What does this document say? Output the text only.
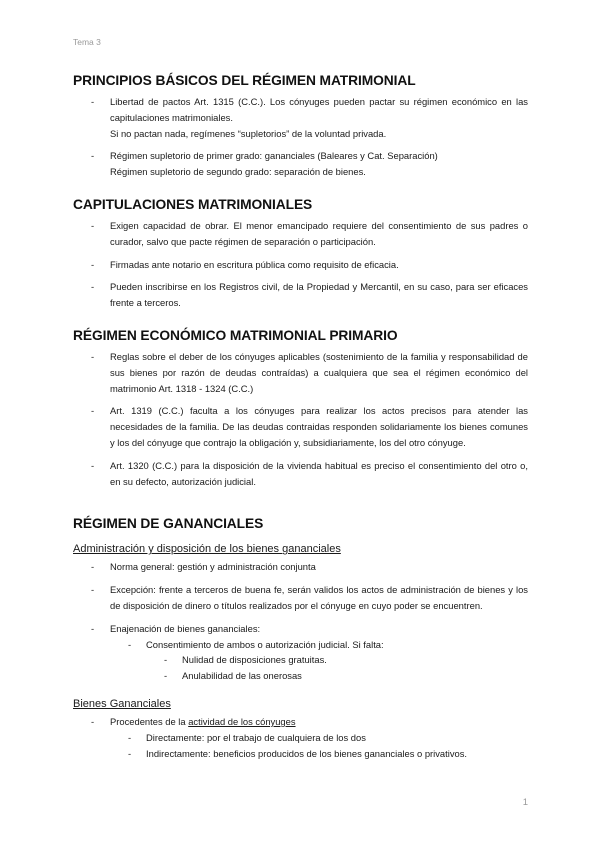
Tema 3
PRINCIPIOS BÁSICOS DEL RÉGIMEN MATRIMONIAL
- Libertad de pactos Art. 1315 (C.C.). Los cónyuges pueden pactar su régimen económico en las capitulaciones matrimoniales.
Si no pactan nada, regímenes “supletorios” de la voluntad privada.
- Régimen supletorio de primer grado: gananciales (Baleares y Cat. Separación)
Régimen supletorio de segundo grado: separación de bienes.
CAPITULACIONES MATRIMONIALES
- Exigen capacidad de obrar. El menor emancipado requiere del consentimiento de sus padres o curador, salvo que pacte régimen de separación o participación.
- Firmadas ante notario en escritura pública como requisito de eficacia.
- Pueden inscribirse en los Registros civil, de la Propiedad y Mercantil, en su caso, para ser eficaces frente a terceros.
RÉGIMEN ECONÓMICO MATRIMONIAL PRIMARIO
- Reglas sobre el deber de los cónyuges aplicables (sostenimiento de la familia y responsabilidad de sus bienes por razón de deudas contraídas) a cualquiera que sea el régimen económico del matrimonio Art. 1318 - 1324 (C.C.)
- Art. 1319 (C.C.) faculta a los cónyuges para realizar los actos precisos para atender las necesidades de la familia. De las deudas contraidas responden solidariamente los bienes comunes y los del cónyuge que contrajo la obligación y, subsidiariamente, los del otro cónyuge.
- Art. 1320 (C.C.) para la disposición de la vivienda habitual es preciso el consentimiento del otro o, en su defecto, autorización judicial.
RÉGIMEN DE GANANCIALES
Administración y disposición de los bienes gananciales
- Norma general: gestión y administración conjunta
- Excepción: frente a terceros de buena fe, serán validos los actos de administración de bienes y los de disposición de dinero o títulos realizados por el cónyuge en cuyo poder se encuentren.
- Enajenación de bienes gananciales:
- Consentimiento de ambos o autorización judicial. Si falta:
- Nulidad de disposiciones gratuitas.
- Anulabilidad de las onerosas
Bienes Gananciales
- Procedentes de la actividad de los cónyuges
- Directamente: por el trabajo de cualquiera de los dos
- Indirectamente: beneficios producidos de los bienes gananciales o privativos.
1
